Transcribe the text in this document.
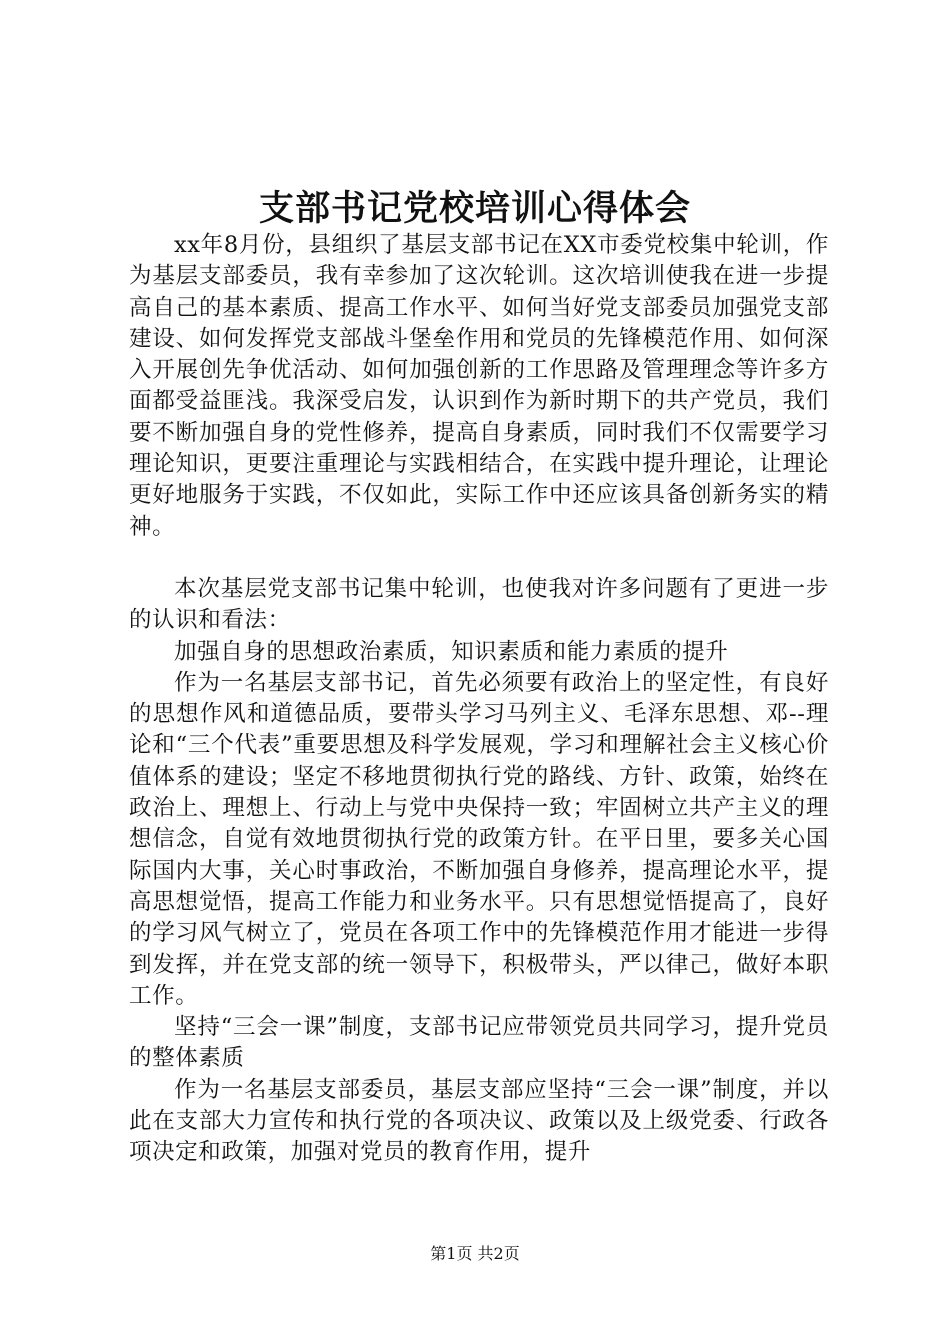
支部书记党校培训心得体会

xx年8月份，县组织了基层支部书记在XX市委党校集中轮训，作为基层支部委员，我有幸参加了这次轮训。这次培训使我在进一步提高自己的基本素质、提高工作水平、如何当好党支部委员加强党支部建设、如何发挥党支部战斗堡垒作用和党员的先锋模范作用、如何深入开展创先争优活动、如何加强创新的工作思路及管理理念等许多方面都受益匪浅。我深受启发，认识到作为新时期下的共产党员，我们要不断加强自身的党性修养，提高自身素质，同时我们不仅需要学习理论知识，更要注重理论与实践相结合，在实践中提升理论，让理论更好地服务于实践，不仅如此，实际工作中还应该具备创新务实的精神。

本次基层党支部书记集中轮训，也使我对许多问题有了更进一步的认识和看法：

加强自身的思想政治素质，知识素质和能力素质的提升

作为一名基层支部书记，首先必须要有政治上的坚定性，有良好的思想作风和道德品质，要带头学习马列主义、毛泽东思想、邓--理论和“三个代表”重要思想及科学发展观，学习和理解社会主义核心价值体系的建设；坚定不移地贯彻执行党的路线、方针、政策，始终在政治上、理想上、行动上与党中央保持一致；牢固树立共产主义的理想信念，自觉有效地贯彻执行党的政策方针。在平日里，要多关心国际国内大事，关心时事政治，不断加强自身修养，提高理论水平，提高思想觉悟，提高工作能力和业务水平。只有思想觉悟提高了，良好的学习风气树立了，党员在各项工作中的先锋模范作用才能进一步得到发挥，并在党支部的统一领导下，积极带头，严以律己，做好本职工作。

坚持“三会一课”制度，支部书记应带领党员共同学习，提升党员的整体素质

作为一名基层支部委员，基层支部应坚持“三会一课”制度，并以此在支部大力宣传和执行党的各项决议、政策以及上级党委、行政各项决定和政策，加强对党员的教育作用，提升

第1页 共2页
